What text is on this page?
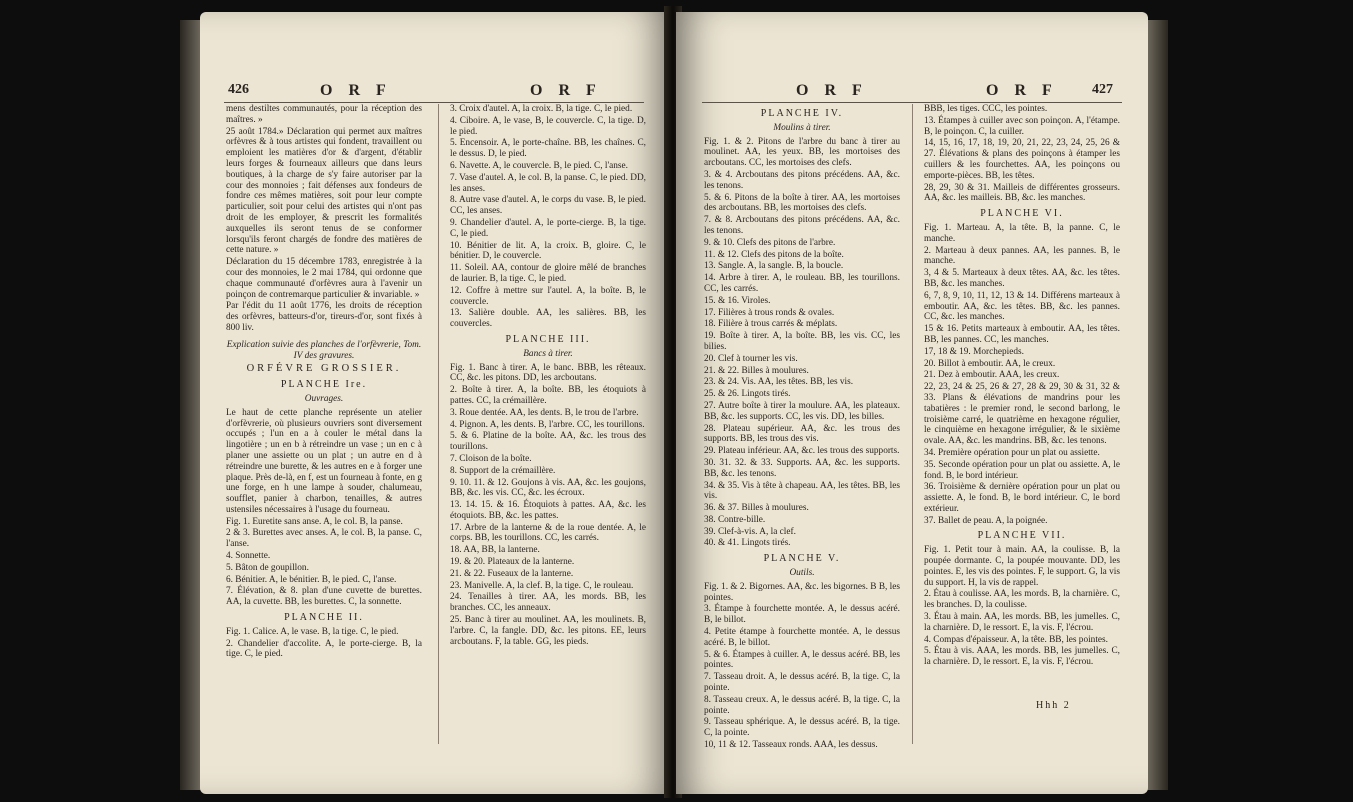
426	O R F	O R F

mens destiltes communautés, pour la réception des maîtres. »

25 août 1784.» Déclaration qui permet aux maîtres orfèvres & à tous artistes qui fondent, travaillent ou emploient les matières d'or & d'argent, d'établir leurs forges & fourneaux ailleurs que dans leurs boutiques, à la charge de s'y faire autoriser par la cour des monnoies ; fait défenses aux fondeurs de fondre ces mêmes matières, soit pour leur compte particulier, soit pour celui des artistes qui n'ont pas droit de les employer, & prescrit les formalités auxquelles ils seront tenus de se conformer lorsqu'ils feront chargés de fondre des matières de cette nature. »

Déclaration du 15 décembre 1783, enregistrée à la cour des monnoies, le 2 mai 1784, qui ordonne que chaque communauté d'orfèvres aura à l'avenir un poinçon de contremarque particulier & invariable. »

Par l'édit du 11 août 1776, les droits de réception des orfèvres, batteurs-d'or, tireurs-d'or, sont fixés à 800 liv.

Explication suivie des planches de l'orfèvrerie, Tom. IV des gravures.

ORFÉVRE GROSSIER.

PLANCHE Ire.

Ouvrages.

Le haut de cette planche représente un atelier d'orfèvrerie, où plusieurs ouvriers sont diversement occupés ; l'un en a à couler le métal dans la lingotière ; un en b à rétreindre un vase ; un en c à planer une assiette ou un plat ; un autre en d à rétreindre une burette, & les autres en e à forger une plaque. Près de-là, en f, est un fourneau à fonte, en g une forge, en h une lampe à souder, chalumeau, soufflet, panier à charbon, tenailles, & autres ustensiles nécessaires à l'usage du fourneau.

Fig. 1. Euretite sans anse. A, le col. B, la panse.

2 & 3. Burettes avec anses. A, le col. B, la panse. C, l'anse.

4. Sonnette.

5. Bâton de goupillon.

6. Bénitier. A, le bénitier. B, le pied. C, l'anse.

7. Élévation, & 8. plan d'une cuvette de burettes. AA, la cuvette. BB, les burettes. C, la sonnette.

PLANCHE II.

Fig. 1. Calice. A, le vase. B, la tige. C, le pied.

2. Chandelier d'accolite. A, le porte-cierge. B, la tige. C, le pied.

3. Croix d'autel. A, la croix. B, la tige. C, le pied.

4. Ciboire. A, le vase, B, le couvercle. C, la tige. D, le pied.

5. Encensoir. A, le porte-chaîne. BB, les chaînes. C, le dessus. D, le pied.

6. Navette. A, le couvercle. B, le pied. C, l'anse.

7. Vase d'autel. A, le col. B, la panse. C, le pied. DD, les anses.

8. Autre vase d'autel. A, le corps du vase. B, le pied. CC, les anses.

9. Chandelier d'autel. A, le porte-cierge. B, la tige. C, le pied.

10. Bénitier de lit. A, la croix. B, gloire. C, le bénitier. D, le couvercle.

11. Soleil. AA, contour de gloire mêlé de branches de laurier. B, la tige. C, le pied.

12. Coffre à mettre sur l'autel. A, la boîte. B, le couvercle.

13. Salière double. AA, les salières. BB, les couvercles.

PLANCHE III.

Bancs à tirer.

Fig. 1. Banc à tirer. A, le banc. BBB, les rêteaux. CC, &c. les pitons. DD, les arcboutans.

2. Boîte à tirer. A, la boîte. BB, les étoquiots à pattes. CC, la crémaillère.

3. Roue dentée. AA, les dents. B, le trou de l'arbre.

4. Pignon. A, les dents. B, l'arbre. CC, les tourillons.

5. & 6. Platine de la boîte. AA, &c. les trous des tourillons.

7. Cloison de la boîte.

8. Support de la crémaillère.

9. 10. 11. & 12. Goujons à vis. AA, &c. les goujons, BB, &c. les vis. CC, &c. les écroux.

13. 14. 15. & 16. Étoquiots à pattes. AA, &c. les étoquiots. BB, &c. les pattes.

17. Arbre de la lanterne & de la roue dentée. A, le corps. BB, les tourillons. CC, les carrés.

18. AA, BB, la lanterne.

19. & 20. Plateaux de la lanterne.

21. & 22. Fuseaux de la lanterne.

23. Manivelle. A, la clef. B, la tige. C, le rouleau.

24. Tenailles à tirer. AA, les mords. BB, les branches. CC, les anneaux.

25. Banc à tirer au moulinet. AA, les moulinets. B, l'arbre. C, la fangle. DD, &c. les pitons. EE, leurs arcboutans. F, la table. GG, les pieds.

O R F	O R F 427

PLANCHE IV.

Moulins à tirer.

Fig. 1. & 2. Pitons de l'arbre du banc à tirer au moulinet. AA, les yeux. BB, les mortoises des arcboutans. CC, les mortoises des clefs.

3. & 4. Arcboutans des pitons précédens. AA, &c. les tenons.

5. & 6. Pitons de la boîte à tirer. AA, les mortoises des arcboutans. BB, les mortoises des clefs.

7. & 8. Arcboutans des pitons précédens. AA, &c. les tenons.

9. & 10. Clefs des pitons de l'arbre.

11. & 12. Clefs des pitons de la boîte.

13. Sangle. A, la sangle. B, la boucle.

14. Arbre à tirer. A, le rouleau. BB, les tourillons. CC, les carrés.

15. & 16. Viroles.

17. Filières à trous ronds & ovales.

18. Filière à trous carrés & méplats.

19. Boîte à tirer. A, la boîte. BB, les vis. CC, les bilies.

20. Clef à tourner les vis.

21. & 22. Billes à moulures.

23. & 24. Vis. AA, les têtes. BB, les vis.

25. & 26. Lingots tirés.

27. Autre boîte à tirer la moulure. AA, les plateaux. BB, &c. les supports. CC, les vis. DD, les billes.

28. Plateau supérieur. AA, &c. les trous des supports. BB, les trous des vis.

29. Plateau inférieur. AA, &c. les trous des supports.

30. 31. 32. & 33. Supports. AA, &c. les supports. BB, &c. les tenons.

34. & 35. Vis à tête à chapeau. AA, les têtes. BB, les vis.

36. & 37. Billes à moulures.

38. Contre-bille.

39. Clef-à-vis. A, la clef.

40. & 41. Lingots tirés.

PLANCHE V.

Outils.

Fig. 1. & 2. Bigornes. AA, &c. les bigornes. B B, les pointes.

3. Étampe à fourchette montée. A, le dessus acéré. B, le billot.

4. Petite étampe à fourchette montée. A, le dessus acéré. B, le billot.

5. & 6. Étampes à cuiller. A, le dessus acéré. BB, les pointes.

7. Tasseau droit. A, le dessus acéré. B, la tige. C, la pointe.

8. Tasseau creux. A, le dessus acéré. B, la tige. C, la pointe.

9. Tasseau sphérique. A, le dessus acéré. B, la tige. C, la pointe.

10, 11 & 12. Tasseaux ronds. AAA, les dessus.

BBB, les tiges. CCC, les pointes.

13. Étampes à cuiller avec son poinçon. A, l'étampe. B, le poinçon. C, la cuiller.

14, 15, 16, 17, 18, 19, 20, 21, 22, 23, 24, 25, 26 & 27. Élévations & plans des poinçons à étamper les cuillers & les fourchettes. AA, les poinçons ou emporte-pièces. BB, les têtes.

28, 29, 30 & 31. Mailleis de différentes grosseurs. AA, &c. les mailleis. BB, &c. les manches.

PLANCHE VI.

Fig. 1. Marteau. A, la tête. B, la panne. C, le manche.

2. Marteau à deux pannes. AA, les pannes. B, le manche.

3, 4 & 5. Marteaux à deux têtes. AA, &c. les têtes. BB, &c. les manches.

6, 7, 8, 9, 10, 11, 12, 13 & 14. Différens marteaux à emboutir. AA, &c. les têtes. BB, &c. les pannes. CC, &c. les manches.

15 & 16. Petits marteaux à emboutir. AA, les têtes. BB, les pannes. CC, les manches.

17, 18 & 19. Morchepieds.

20. Billot à emboutir. AA, le creux.

21. Dez à emboutir. AAA, les creux.

22, 23, 24 & 25, 26 & 27, 28 & 29, 30 & 31, 32 & 33. Plans & élévations de mandrins pour les tabatières : le premier rond, le second barlong, le troisième carré, le quatrième en hexagone régulier, le cinquième en hexagone irrégulier, & le sixième ovale. AA, &c. les mandrins. BB, &c. les tenons.

34. Première opération pour un plat ou assiette.

35. Seconde opération pour un plat ou assiette. A, le fond. B, le bord intérieur.

36. Troisième & dernière opération pour un plat ou assiette. A, le fond. B, le bord intérieur. C, le bord extérieur.

37. Ballet de peau. A, la poignée.

PLANCHE VII.

Fig. 1. Petit tour à main. AA, la coulisse. B, la poupée dormante. C, la poupée mouvante. DD, les pointes. E, les vis des pointes. F, le support. G, la vis du support. H, la vis de rappel.

2. Étau à coulisse. AA, les mords. B, la charnière. C, les branches. D, la coulisse.

3. Étau à main. AA, les mords. BB, les jumelles. C, la charnière. D, le ressort. E, la vis. F, l'écrou.

4. Compas d'épaisseur. A, la tête. BB, les pointes.

5. Étau à vis. AAA, les mords. BB, les jumelles. C, la charnière. D, le ressort. E, la vis. F, l'écrou.

Hhh 2
